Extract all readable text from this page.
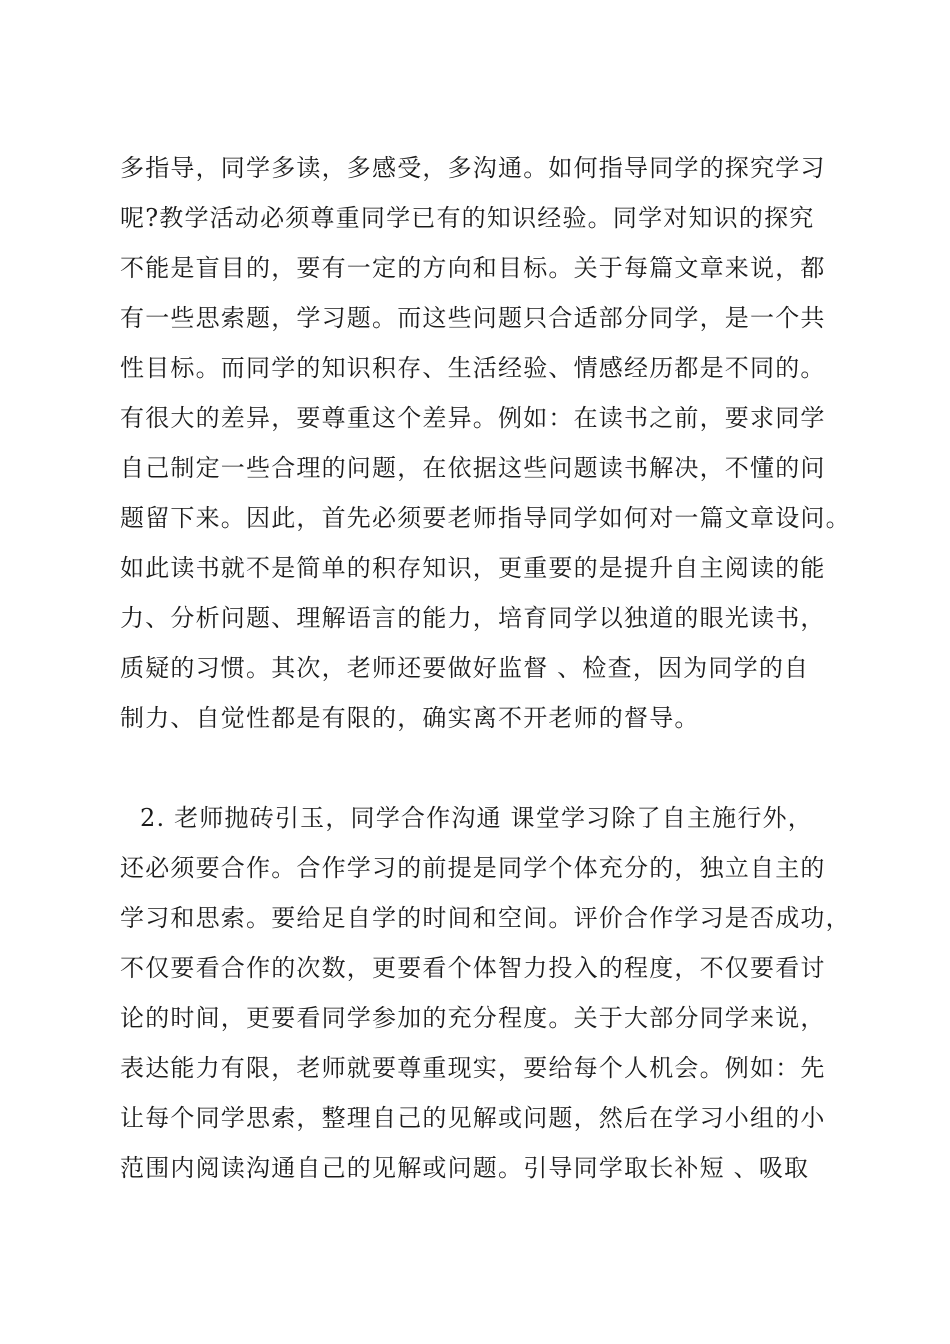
多指导，同学多读，多感受，多沟通。如何指导同学的探究学习
呢?教学活动必须尊重同学已有的知识经验。同学对知识的探究
不能是盲目的，要有一定的方向和目标。关于每篇文章来说，都
有一些思索题，学习题。而这些问题只合适部分同学，是一个共
性目标。而同学的知识积存、生活经验、情感经历都是不同的。
有很大的差异，要尊重这个差异。例如：在读书之前，要求同学
自己制定一些合理的问题，在依据这些问题读书解决，不懂的问
题留下来。因此，首先必须要老师指导同学如何对一篇文章设问。
如此读书就不是简单的积存知识，更重要的是提升自主阅读的能
力、分析问题、理解语言的能力，培育同学以独道的眼光读书，
质疑的习惯。其次，老师还要做好监督 、检查，因为同学的自
制力、自觉性都是有限的，确实离不开老师的督导。
2. 老师抛砖引玉，同学合作沟通 课堂学习除了自主施行外，
还必须要合作。合作学习的前提是同学个体充分的，独立自主的
学习和思索。要给足自学的时间和空间。评价合作学习是否成功，
不仅要看合作的次数，更要看个体智力投入的程度，不仅要看讨
论的时间，更要看同学参加的充分程度。关于大部分同学来说，
表达能力有限，老师就要尊重现实，要给每个人机会。例如：先
让每个同学思索，整理自己的见解或问题，然后在学习小组的小
范围内阅读沟通自己的见解或问题。引导同学取长补短 、吸取
